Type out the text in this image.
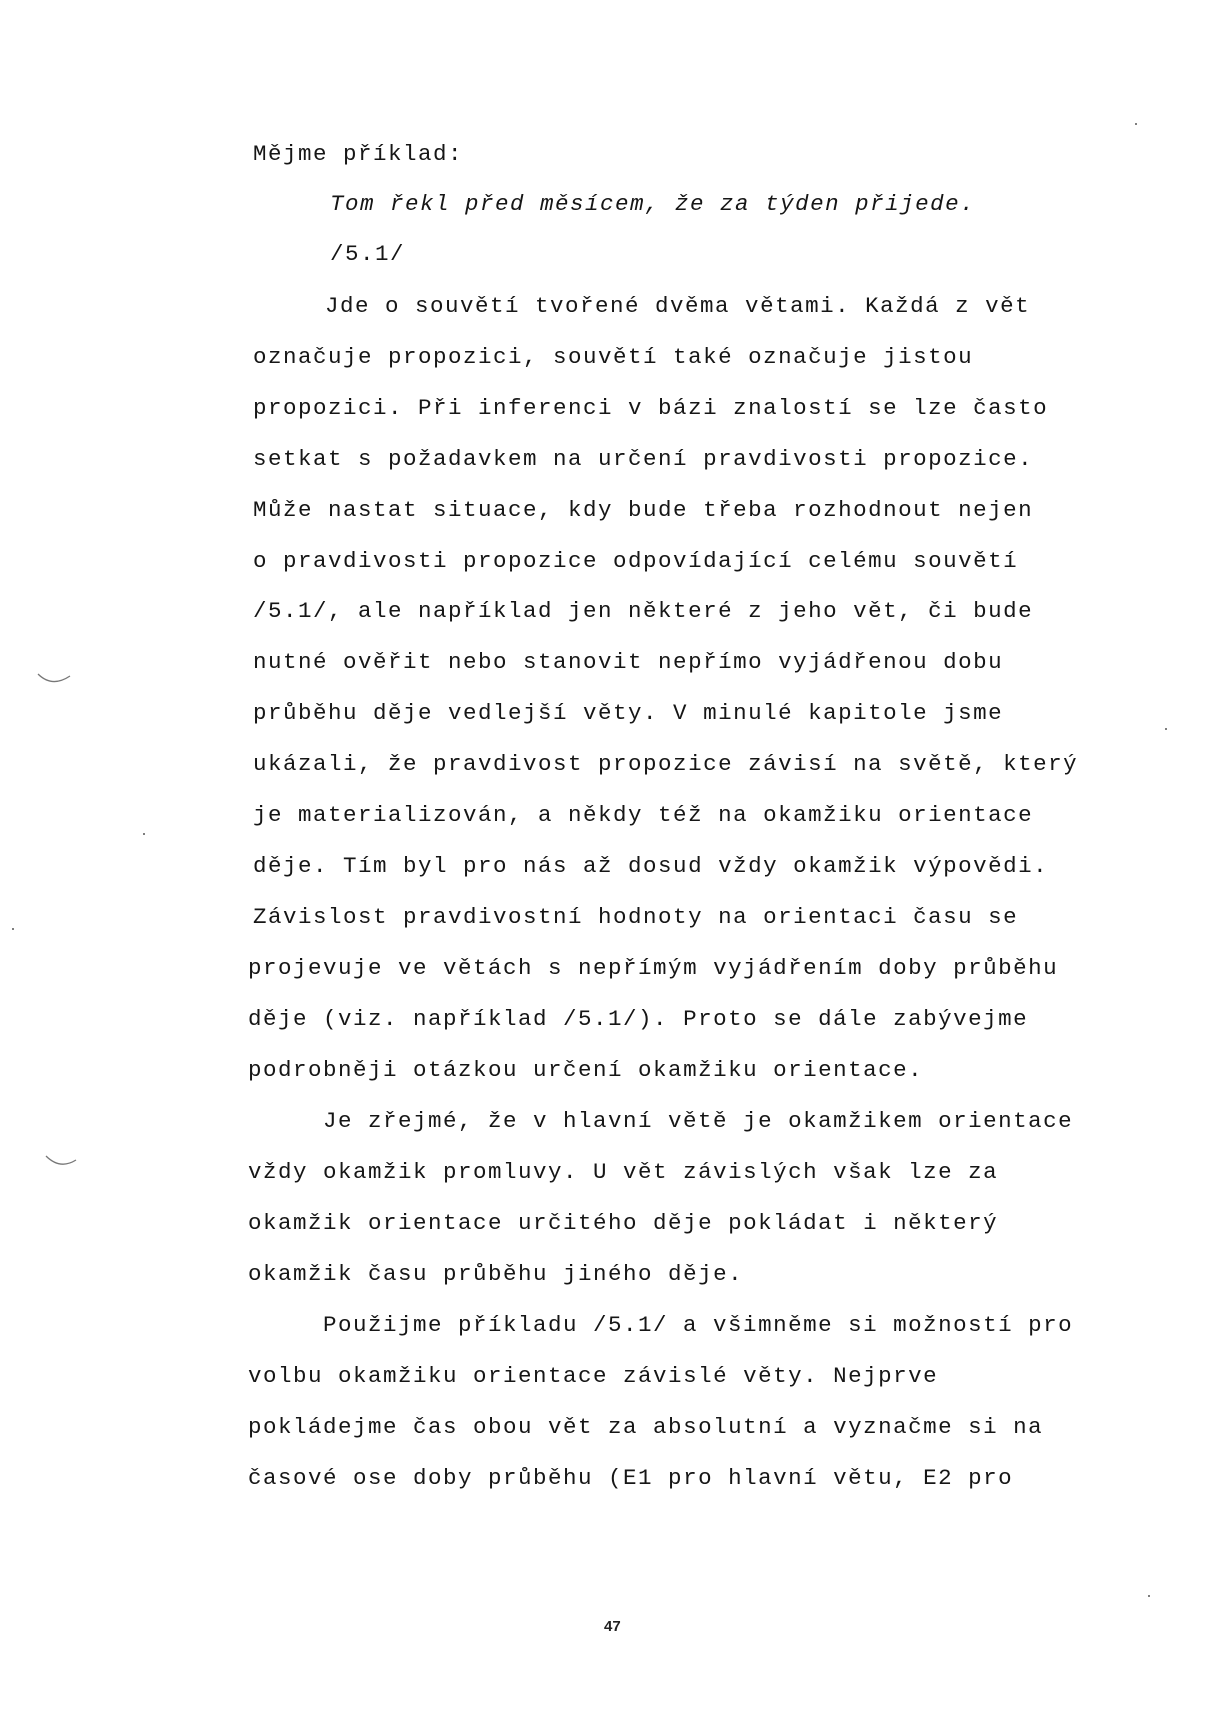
Mějme příklad:
Tom řekl před měsícem, že za týden přijede.
/5.1/
Jde o souvětí tvořené dvěma větami. Každá z vět
označuje propozici, souvětí také označuje jistou
propozici. Při inferenci v bázi znalostí se lze často
setkat s požadavkem na určení pravdivosti propozice.
Může nastat situace, kdy bude třeba rozhodnout nejen
o pravdivosti propozice odpovídající celému souvětí
/5.1/, ale například jen některé z jeho vět, či bude
nutné ověřit nebo stanovit nepřímo vyjádřenou dobu
průběhu děje vedlejší věty. V minulé kapitole jsme
ukázali, že pravdivost propozice závisí na světě, který
je materializován, a někdy též na okamžiku orientace
děje. Tím byl pro nás až dosud vždy okamžik výpovědi.
Závislost pravdivostní hodnoty na orientaci času se
projevuje ve větách s nepřímým vyjádřením doby průběhu
děje (viz. například /5.1/). Proto se dále zabývejme
podrobněji otázkou určení okamžiku orientace.
Je zřejmé, že v hlavní větě je okamžikem orientace
vždy okamžik promluvy. U vět závislých však lze za
okamžik orientace určitého děje pokládat i některý
okamžik času průběhu jiného děje.
Použijme příkladu /5.1/ a všimněme si možností pro
volbu okamžiku orientace závislé věty. Nejprve
pokládejme čas obou vět za absolutní a vyznačme si na
časové ose doby průběhu (E1 pro hlavní větu, E2 pro
47
